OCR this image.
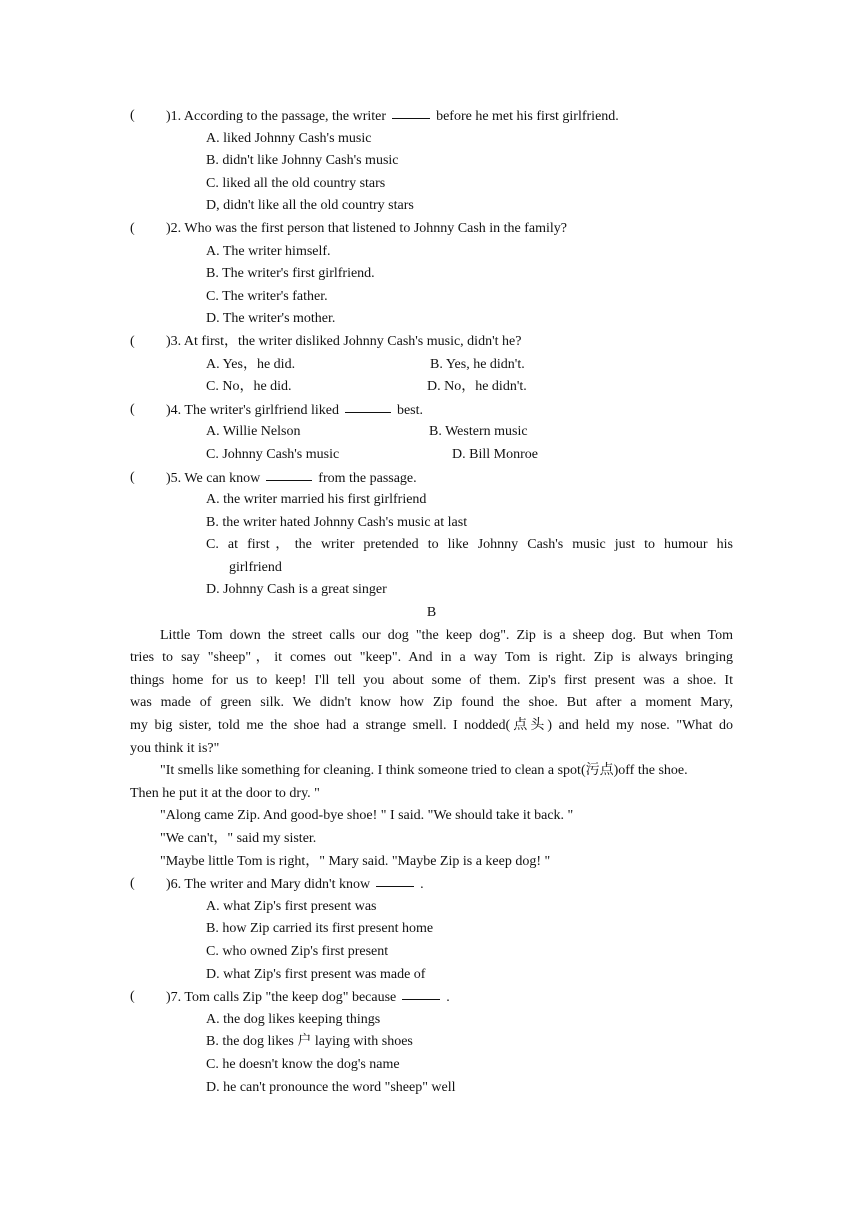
( )1. According to the passage, the writer	before he met his first girlfriend.
A. liked Johnny Cash's music
B. didn't like Johnny Cash's music
C. liked all the old country stars
D, didn't like all the old country stars
( )2. Who was the first person that listened to Johnny Cash in the family?
A. The writer himself.
B. The writer's first girlfriend.
C. The writer's father.
D. The writer's mother.
( )3. At first，the writer disliked Johnny Cash's music, didn't he?
A. Yes，he did.	B. Yes, he didn't.
C. No，he did.	D. No，he didn't.
( )4. The writer's girlfriend liked	best.
A. Willie Nelson	B. Western music
C. Johnny Cash's music	D. Bill Monroe
( )5. We can know	from the passage.
A. the writer married his first girlfriend
B. the writer hated Johnny Cash's music at last
C. at first，the writer pretended to like Johnny Cash's music just to humour his
girlfriend
D. Johnny Cash is a great singer
B
Little Tom down the street calls our dog "the keep dog". Zip is a sheep dog. But when Tom
tries to say "sheep"，it comes out "keep". And in a way Tom is right. Zip is always bringing
things home for us to keep! I'll tell you about some of them. Zip's first present was a shoe. It
was made of green silk. We didn't know how Zip found the shoe. But after a moment Mary,
my big sister, told me the shoe had a strange smell. I nodded(点头) and held my nose. "What do
you think it is?"
"It smells like something for cleaning. I think someone tried to clean a spot(污点)off the shoe.
Then he put it at the door to dry. "
"Along came Zip. And good-bye shoe! " I said. "We should take it back. "
"We can't，" said my sister.
"Maybe little Tom is right，" Mary said. "Maybe Zip is a keep dog! "
( )6. The writer and Mary didn't know	.
A. what Zip's first present was
B. how Zip carried its first present home
C. who owned Zip's first present
D. what Zip's first present was made of
( )7. Tom calls Zip "the keep dog" because	.
A. the dog likes keeping things
B. the dog likes 户 laying with shoes
C. he doesn't know the dog's name
D. he can't pronounce the word "sheep" well
